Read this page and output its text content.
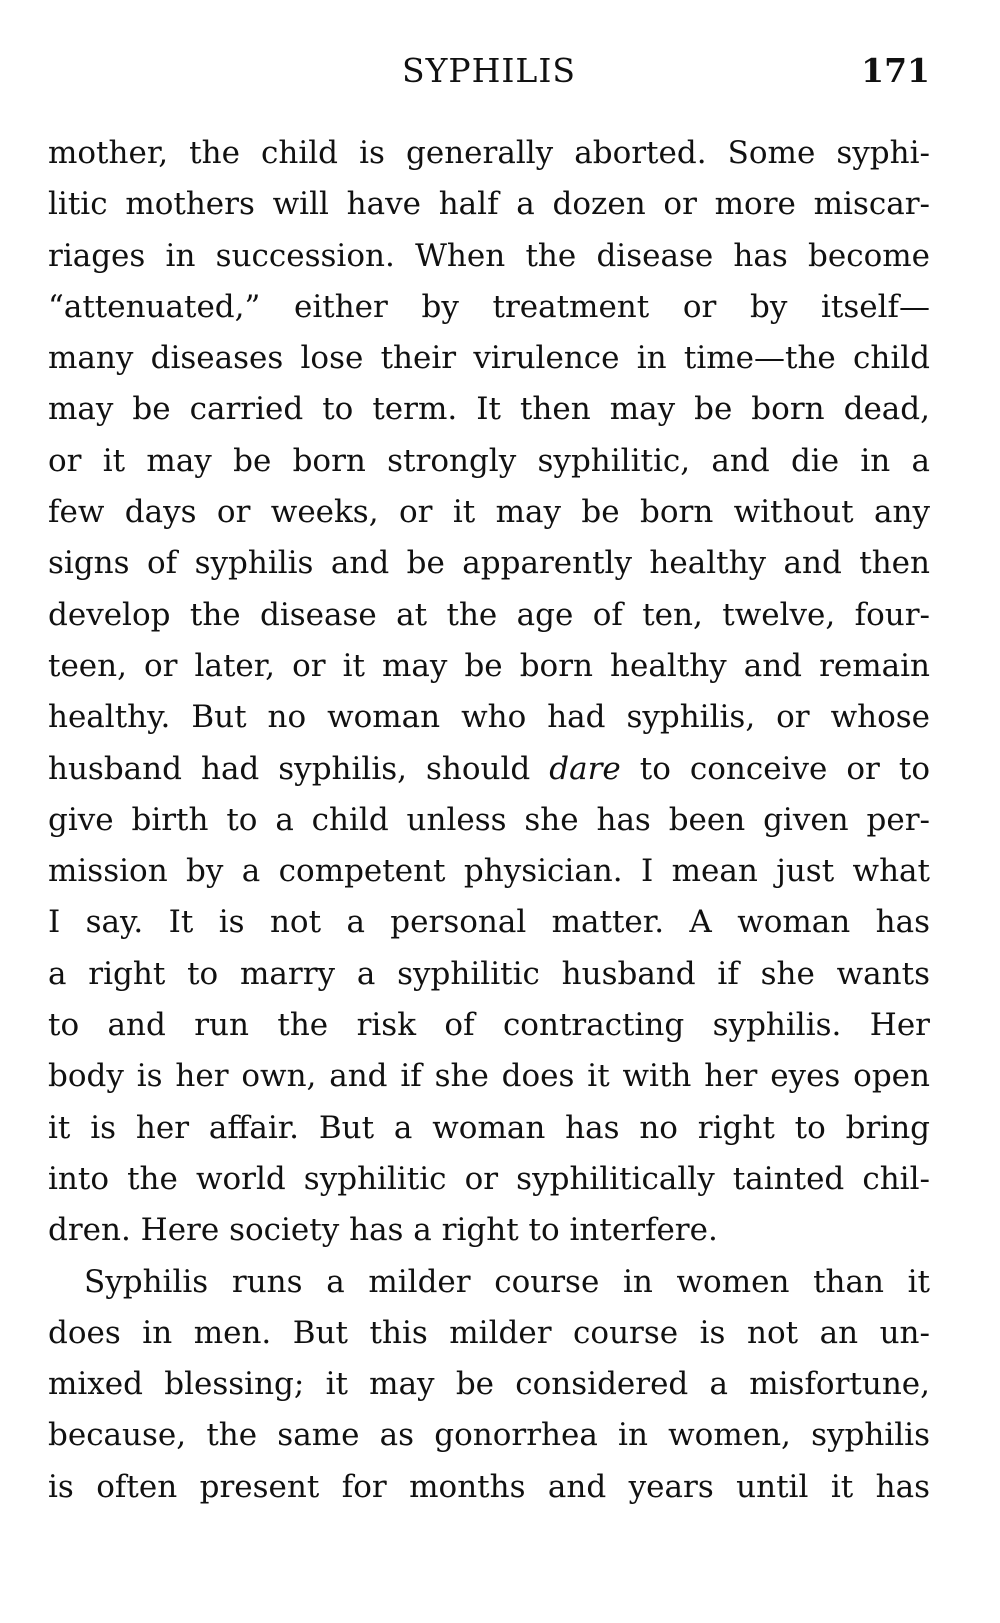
SYPHILIS	171
mother, the child is generally aborted. Some syphi-
litic mothers will have half a dozen or more miscar-
riages in succession. When the disease has become
“attenuated,” either by treatment or by itself—
many diseases lose their virulence in time—the child
may be carried to term. It then may be born dead,
or it may be born strongly syphilitic, and die in a
few days or weeks, or it may be born without any
signs of syphilis and be apparently healthy and then
develop the disease at the age of ten, twelve, four-
teen, or later, or it may be born healthy and remain
healthy. But no woman who had syphilis, or whose
husband had syphilis, should dare to conceive or to
give birth to a child unless she has been given per-
mission by a competent physician. I mean just what
I say. It is not a personal matter. A woman has
a right to marry a syphilitic husband if she wants
to and run the risk of contracting syphilis. Her
body is her own, and if she does it with her eyes open
it is her affair. But a woman has no right to bring
into the world syphilitic or syphilitically tainted chil-
dren. Here society has a right to interfere.
Syphilis runs a milder course in women than it
does in men. But this milder course is not an un-
mixed blessing; it may be considered a misfortune,
because, the same as gonorrhea in women, syphilis
is often present for months and years until it has
